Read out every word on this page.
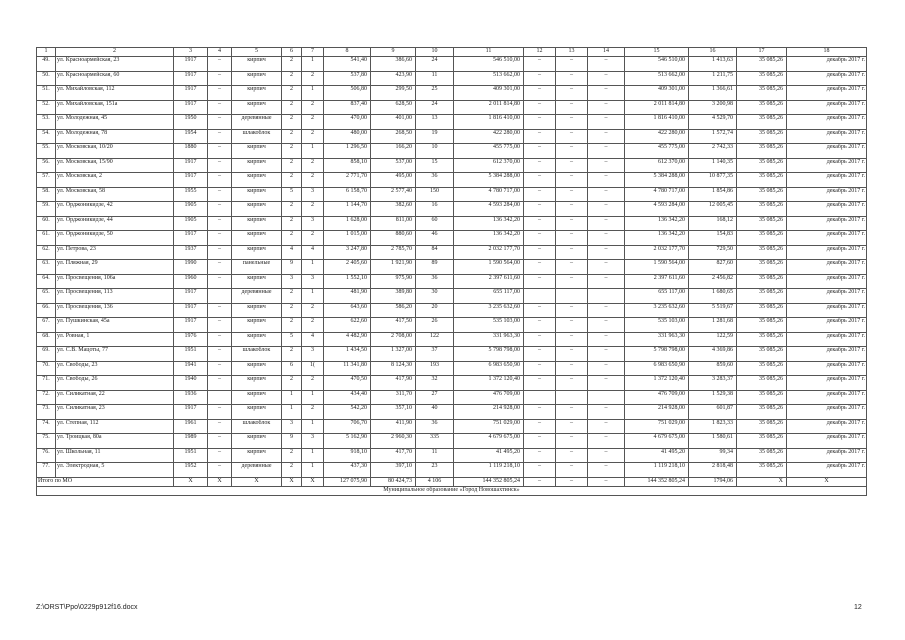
1	2	3	4	5	6	7	8	9	10	11	12	13	14	15	16	17	18
49.	ул. Красноармейская, 23	1917	–	кирпич	2	1	541,40	386,60	24	546 510,00	–	–	–	546 510,00	1 413,63	35 085,26	декабрь 2017 г.
50.	ул. Красноармейская, 60	1917	–	кирпич	2	2	537,80	423,90	11	513 662,00	–	–	–	513 662,00	1 211,75	35 085,26	декабрь 2017 г.
51.	ул. Михайловская, 112	1917	–	кирпич	2	1	506,80	299,50	25	409 301,00	–	–	–	409 301,00	1 366,61	35 085,26	декабрь 2017 г.
52.	ул. Михайловская, 151а	1917	–	кирпич	2	2	837,40	628,50	24	2 011 814,80	–	–	–	2 011 814,80	3 200,98	35 085,26	декабрь 2017 г.
53.	ул. Молодежная, 45	1950	–	деревянные	2	2	470,00	401,00	13	1 816 410,00	–	–	–	1 816 410,00	4 529,70	35 085,26	декабрь 2017 г.
54.	ул. Молодежная, 78	1954	–	шлакоблок	2	2	480,00	268,50	19	422 280,00	–	–	–	422 280,00	1 572,74	35 085,26	декабрь 2017 г.
55.	ул. Московская, 10/20	1880	–	кирпич	2	1	1 296,50	166,20	10	455 775,00	–	–	–	455 775,00	2 742,33	35 085,26	декабрь 2017 г.
56.	ул. Московская, 15/90	1917	–	кирпич	2	2	858,10	537,00	15	612 370,00	–	–	–	612 370,00	1 140,35	35 085,26	декабрь 2017 г.
57.	ул. Московская, 2	1917	–	кирпич	2	2	2 771,70	495,00	36	5 384 288,00	–	–	–	5 384 288,00	10 877,35	35 085,26	декабрь 2017 г.
58.	ул. Московская, 58	1955	–	кирпич	5	3	6 158,70	2 577,40	150	4 780 717,00	–	–	–	4 780 717,00	1 854,86	35 085,26	декабрь 2017 г.
59.	ул. Орджоникидзе, 42	1905	–	кирпич	2	2	1 144,70	382,60	16	4 593 284,00	–	–	–	4 593 284,00	12 005,45	35 085,26	декабрь 2017 г.
60.	ул. Орджоникидзе, 44	1905	–	кирпич	2	3	1 628,00	811,00	60	136 342,20	–	–	–	136 342,20	168,12	35 085,26	декабрь 2017 г.
61.	ул. Орджоникидзе, 50	1917	–	кирпич	2	2	1 015,00	880,60	46	136 342,20	–	–	–	136 342,20	154,83	35 085,26	декабрь 2017 г.
62.	ул. Петрова, 23	1937	–	кирпич	4	4	3 247,80	2 785,70	84	2 032 177,70	–	–	–	2 032 177,70	729,50	35 085,26	декабрь 2017 г.
63.	ул. Пляжная, 29	1990	–	панельные	9	1	2 405,60	1 921,90	89	1 590 564,00	–	–	–	1 590 564,00	827,60	35 085,26	декабрь 2017 г.
64.	ул. Просвещения, 106а	1960	–	кирпич	3	3	1 552,10	975,90	36	2 397 611,60	–	–	–	2 397 611,60	2 456,82	35 085,26	декабрь 2017 г.
65.	ул. Просвещения, 113	1917		деревянные	2	1	481,90	389,80	30	655 117,00				655 117,00	1 680,65	35 085,26	декабрь 2017 г.
66.	ул. Просвещения, 136	1917	–	кирпич	2	2	643,60	586,20	20	3 235 632,60	–	–	–	3 235 632,60	5 519,67	35 085,26	декабрь 2017 г.
67.	ул. Пушкинская, 45а	1917	–	кирпич	2	2	622,60	417,50	26	535 103,00	–	–	–	535 103,00	1 281,68	35 085,26	декабрь 2017 г.
68.	ул. Ровная, 1	1976	–	кирпич	5	4	4 482,90	2 708,00	122	331 963,30	–	–	–	331 963,30	122,59	35 085,26	декабрь 2017 г.
69.	ул. С.В. Мацоты, 77	1951	–	шлакоблок	2	3	1 434,50	1 327,00	37	5 798 798,00	–	–	–	5 798 798,00	4 369,86	35 085,26	декабрь 2017 г.
70.	ул. Свободы, 23	1941	–	кирпич	6	1(	11 341,80	8 124,30	193	6 983 650,90	–	–	–	6 983 650,90	859,60	35 085,26	декабрь 2017 г.
71.	ул. Свободы, 26	1940	–	кирпич	2	2	470,50	417,90	32	1 372 120,40	–	–	–	1 372 120,40	3 283,37	35 085,26	декабрь 2017 г.
72.	ул. Силикатная, 22	1936		кирпич	1	1	434,40	311,70	27	476 709,00				476 709,00	1 529,38	35 085,26	декабрь 2017 г.
73.	ул. Силикатная, 23	1917	–	кирпич	1	2	542,20	357,10	40	214 928,00	–	–	–	214 928,00	601,87	35 085,26	декабрь 2017 г.
74.	ул. Степная, 112	1961	–	шлакоблок	3	1	706,70	411,90	36	751 029,00	–	–	–	751 029,00	1 823,33	35 085,26	декабрь 2017 г.
75.	ул. Троицкая, 80а	1989	–	кирпич	9	3	5 162,90	2 960,30	335	4 679 675,00	–	–	–	4 679 675,00	1 580,61	35 085,26	декабрь 2017 г.
76.	ул. Школьная, 11	1951	–	кирпич	2	1	918,10	417,70	11	41 495,20	–	–	–	41 495,20	99,34	35 085,26	декабрь 2017 г.
77.	ул. Электродная, 5	1952	–	деревянные	2	1	437,30	397,10	23	1 119 218,10	–	–	–	1 119 218,10	2 818,48	35 085,26	декабрь 2017 г.
Итого по МО		X	X	X	X	X	127 075,90	80 424,73	4 106	144 352 805,24	–	–	–	144 352 805,24	1794,06	X	X
Муниципальное образование «Город Новошахтинск»																	
Z:\ORST\Ppo\0229p912f16.docx	12
